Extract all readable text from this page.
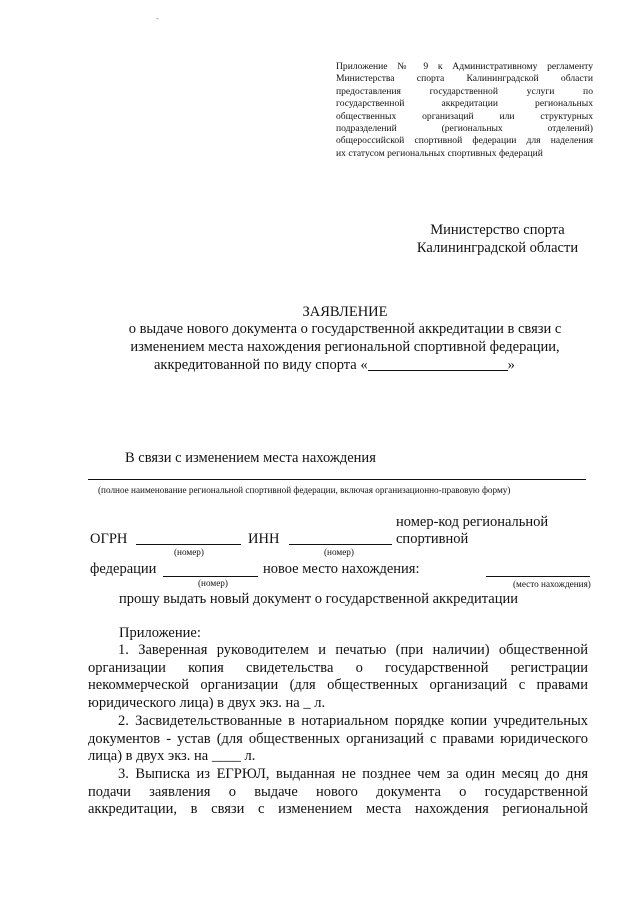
-
Приложение № 9 к Административному регламенту
Министерства спорта Калининградской области
предоставления государственной услуги по
государственной аккредитации региональных
общественных организаций или структурных
подразделений (региональных отделений)
общероссийской спортивной федерации для наделения
их статусом региональных спортивных федераций
Министерство спорта
Калининградской области
ЗАЯВЛЕНИЕ
о выдаче нового документа о государственной аккредитации в связи с
изменением места нахождения региональной спортивной федерации,
аккредитованной по виду спорта «	»
В связи с изменением места нахождения
(полное наименование региональной спортивной федерации, включая организационно-правовую форму)
номер-код региональной
ОГРН	ИНН	спортивной
(номер)	(номер)
федерации	новое место нахождения:
(номер)	(место нахождения)
прошу выдать новый документ о государственной аккредитации
Приложение:
1. Заверенная руководителем и печатью (при наличии) общественной
организации копия свидетельства о государственной регистрации
некоммерческой организации (для общественных организаций с правами
юридического лица) в двух экз. на _ л.
2. Засвидетельствованные в нотариальном порядке копии учредительных
документов - устав (для общественных организаций с правами юридического
лица) в двух экз. на ____ л.
3. Выписка из ЕГРЮЛ, выданная не позднее чем за один месяц до дня
подачи заявления о выдаче нового документа о государственной
аккредитации, в связи с изменением места нахождения региональной
